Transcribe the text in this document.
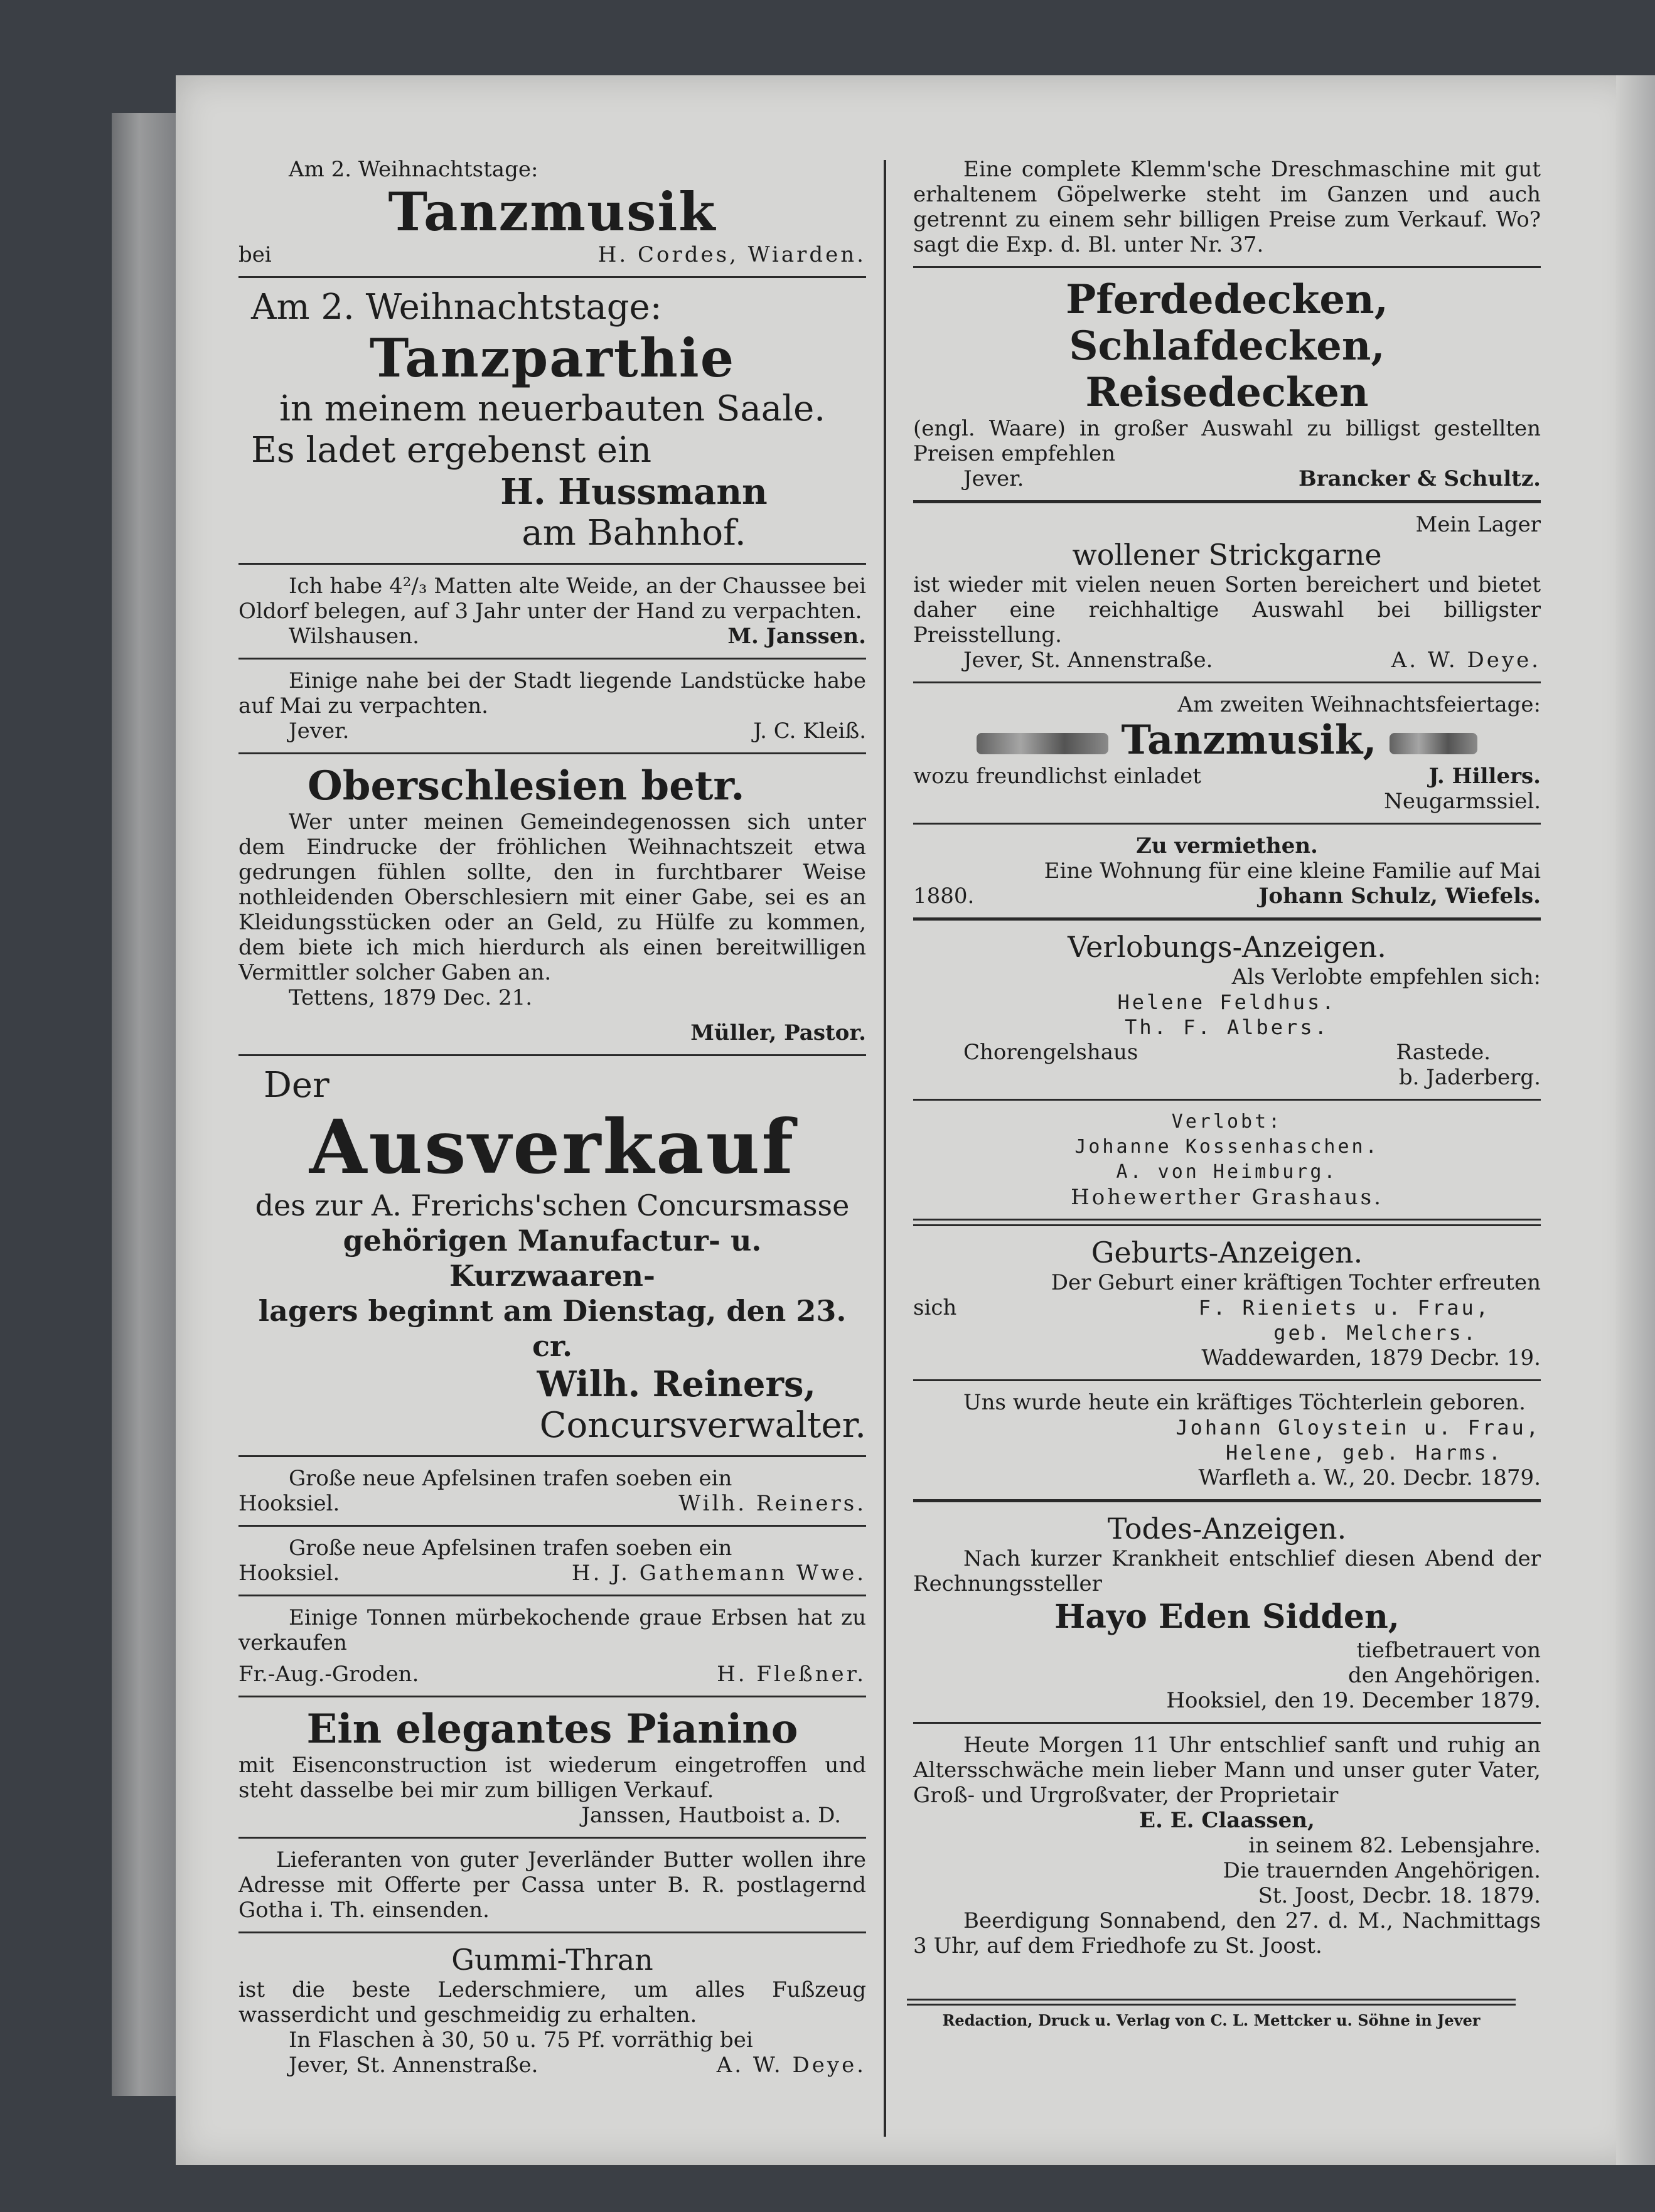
Am 2. Weihnachtstage:
Tanzmusik
bei	H. Cordes, Wiarden.
Am 2. Weihnachtstage:
Tanzparthie
in meinem neuerbauten Saale.
Es ladet ergebenst ein
H. Hussmann
am Bahnhof.
Ich habe 4²/₃ Matten alte Weide, an der Chaussee bei Oldorf belegen, auf 3 Jahr unter der Hand zu verpachten.
Wilshausen.	M. Janssen.
Einige nahe bei der Stadt liegende Landstücke habe auf Mai zu verpachten.
Jever.	J. C. Kleiß.
Oberschlesien betr.
Wer unter meinen Gemeindegenossen sich unter dem Eindrucke der fröhlichen Weihnachtszeit etwa gedrungen fühlen sollte, den in furchtbarer Weise nothleidenden Oberschlesiern mit einer Gabe, sei es an Kleidungsstücken oder an Geld, zu Hülfe zu kommen, dem biete ich mich hierdurch als einen bereitwilligen Vermittler solcher Gaben an.
Tettens, 1879 Dec. 21.
Müller, Pastor.
Der
Ausverkauf
des zur A. Frerichs'schen Concursmasse
gehörigen Manufactur- u. Kurzwaaren-
lagers beginnt am Dienstag, den 23. cr.
Wilh. Reiners,
Concursverwalter.
Große neue Apfelsinen trafen soeben ein
Hooksiel.	Wilh. Reiners.
Große neue Apfelsinen trafen soeben ein
Hooksiel.	H. J. Gathemann Wwe.
Einige Tonnen mürbekochende graue Erbsen hat zu verkaufen
Fr.-Aug.-Groden.	H. Fleßner.
Ein elegantes Pianino
mit Eisenconstruction ist wiederum eingetroffen und steht dasselbe bei mir zum billigen Verkauf.
Janssen, Hautboist a. D.
Lieferanten von guter Jeverländer Butter wollen ihre Adresse mit Offerte per Cassa unter B. R. postlagernd Gotha i. Th. einsenden.
Gummi-Thran
ist die beste Lederschmiere, um alles Fußzeug wasserdicht und geschmeidig zu erhalten.
In Flaschen à 30, 50 u. 75 Pf. vorräthig bei
Jever, St. Annenstraße.	A. W. Deye.
Eine complete Klemm'sche Dreschmaschine mit gut erhaltenem Göpelwerke steht im Ganzen und auch getrennt zu einem sehr billigen Preise zum Verkauf. Wo? sagt die Exp. d. Bl. unter Nr. 37.
Pferdedecken, Schlafdecken,
Reisedecken
(engl. Waare) in großer Auswahl zu billigst gestellten Preisen empfehlen
Jever.	Brancker & Schultz.
Mein Lager
wollener Strickgarne
ist wieder mit vielen neuen Sorten bereichert und bietet daher eine reichhaltige Auswahl bei billigster Preisstellung.
Jever, St. Annenstraße.	A. W. Deye.
Am zweiten Weihnachtsfeiertage:
Tanzmusik,
wozu freundlichst einladet	J. Hillers.
Neugarmssiel.
Zu vermiethen.
Eine Wohnung für eine kleine Familie auf Mai
1880.	Johann Schulz, Wiefels.
Verlobungs-Anzeigen.
Als Verlobte empfehlen sich:
Helene Feldhus.
Th. F. Albers.
Chorengelshaus	Rastede.
b. Jaderberg.
Verlobt:
Johanne Kossenhaschen.
A. von Heimburg.
Hohewerther Grashaus.
Geburts-Anzeigen.
Der Geburt einer kräftigen Tochter erfreuten
sich	F. Rieniets u. Frau,
geb. Melchers.
Waddewarden, 1879 Decbr. 19.
Uns wurde heute ein kräftiges Töchterlein geboren.
Johann Gloystein u. Frau,
Helene, geb. Harms.
Warfleth a. W., 20. Decbr. 1879.
Todes-Anzeigen.
Nach kurzer Krankheit entschlief diesen Abend der Rechnungssteller
Hayo Eden Sidden,
tiefbetrauert von
den Angehörigen.
Hooksiel, den 19. December 1879.
Heute Morgen 11 Uhr entschlief sanft und ruhig an Altersschwäche mein lieber Mann und unser guter Vater, Groß- und Urgroßvater, der Proprietair
E. E. Claassen,
in seinem 82. Lebensjahre.
Die trauernden Angehörigen.
St. Joost, Decbr. 18. 1879.
Beerdigung Sonnabend, den 27. d. M., Nachmittags 3 Uhr, auf dem Friedhofe zu St. Joost.
Redaction, Druck u. Verlag von C. L. Mettcker u. Söhne in Jever
